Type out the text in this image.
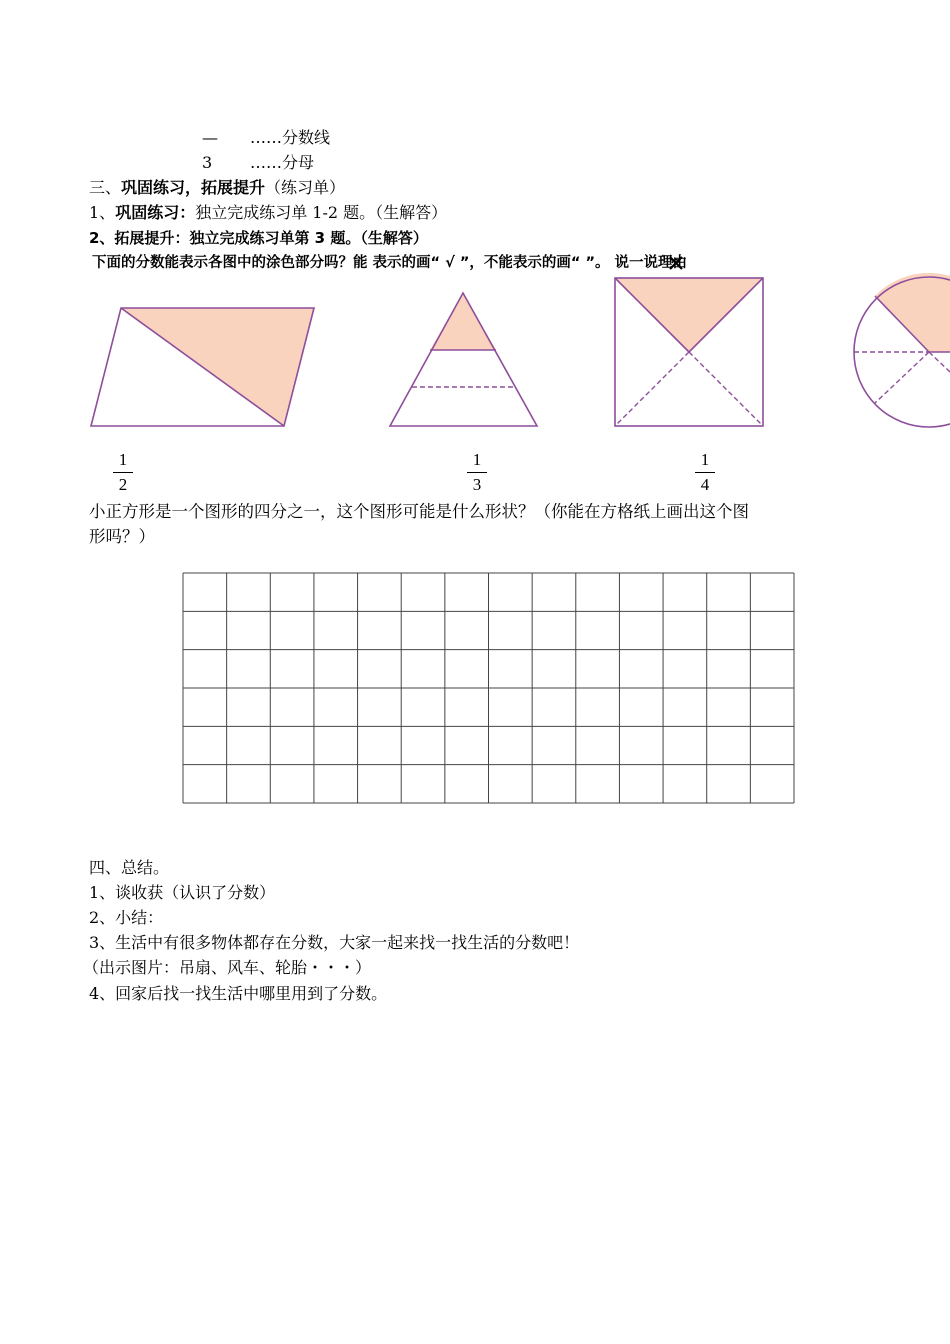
— ……分数线
3 ……分母
三、巩固练习，拓展提升（练习单）
1、巩固练习：独立完成练习单 1-2 题。（生解答）
2、拓展提升：独立完成练习单第 3 题。（生解答）
下面的分数能表示各图中的涂色部分吗？能 表示的画“ √ ”，不能表示的画“ ”。 说一说理由
1
2
1
3
1
4
小正方形是一个图形的四分之一，这个图形可能是什么形状？（你能在方格纸上画出这个图
形吗？）
四、总结。
1、谈收获（认识了分数）
2、小结：
3、生活中有很多物体都存在分数，大家一起来找一找生活的分数吧！
（出示图片：吊扇、风车、轮胎・・・）
4、回家后找一找生活中哪里用到了分数。
